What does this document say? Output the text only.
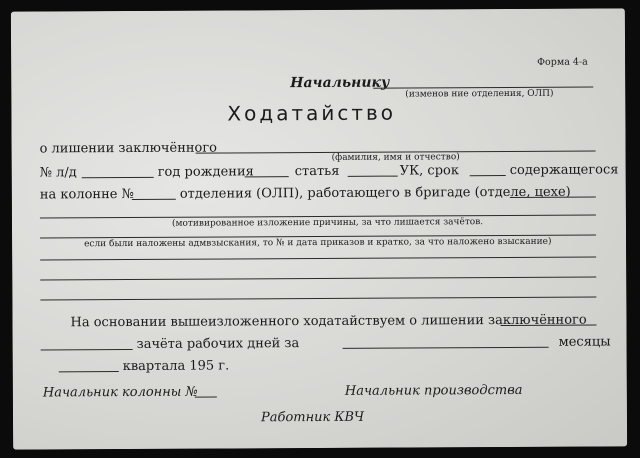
Форма 4-а
Начальнику
(изменов ние отделения, ОЛП)
Ходатайство
о лишении заключённого
(фамилия, имя и отчество)
№ л/д	год рождения	статья	УК, срок	содержащегося
на колонне №	отделения (ОЛП), работающего в бригаде (отделе, цехе)
(мотивированное изложение причины, за что лишается зачётов.
если были наложены адмвзыскания, то № и дата приказов и кратко, за что наложено взыскание)
На основании вышеизложенного ходатайствуем о лишении заключённого
зачёта рабочих дней за	месяцы
квартала 195 г.
Начальник колонны №	Начальник производства
Работник КВЧ
